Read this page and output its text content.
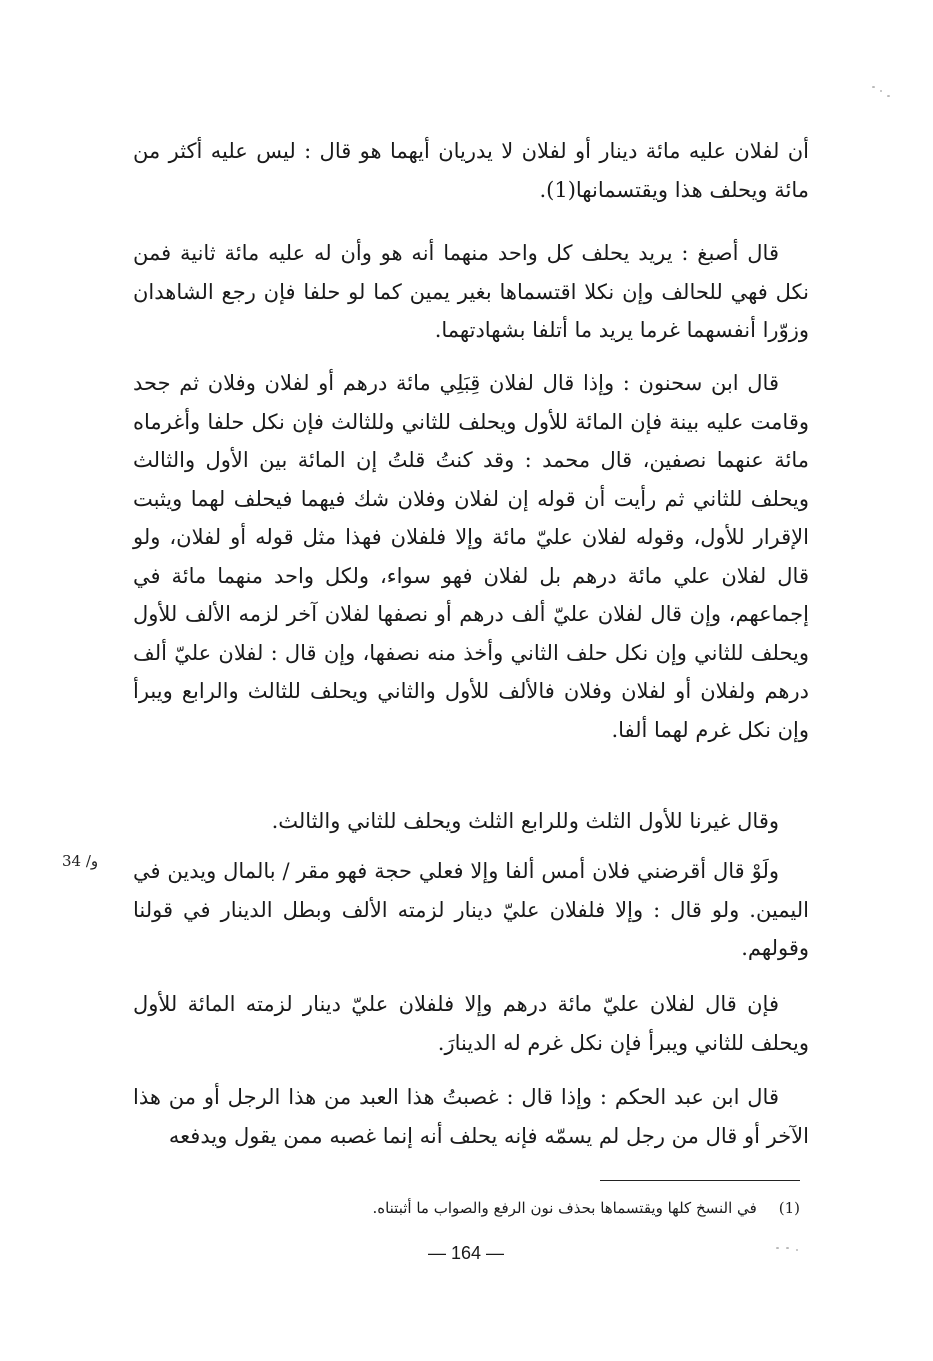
أن لفلان عليه مائة دينار أو لفلان لا يدريان أيهما هو قال : ليس عليه أكثر من مائة ويحلف هذا ويقتسمانها(1).

قال أصبغ : يريد يحلف كل واحد منهما أنه هو وأن له عليه مائة ثانية فمن نكل فهي للحالف وإن نكلا اقتسماها بغير يمين كما لو حلفا فإن رجع الشاهدان وزوّرا أنفسهما غرما يريد ما أتلفا بشهادتهما.

قال ابن سحنون : وإذا قال لفلان قِبَلِي مائة درهم أو لفلان وفلان ثم جحد وقامت عليه بينة فإن المائة للأول ويحلف للثاني وللثالث فإن نكل حلفا وأغرماه مائة عنهما نصفين، قال محمد : وقد كنتُ قلتُ إن المائة بين الأول والثالث ويحلف للثاني ثم رأيت أن قوله إن لفلان وفلان شك فيهما فيحلف لهما ويثبت الإقرار للأول، وقوله لفلان عليّ مائة وإلا فلفلان فهذا مثل قوله أو لفلان، ولو قال لفلان علي مائة درهم بل لفلان فهو سواء، ولكل واحد منهما مائة في إجماعهم، وإن قال لفلان عليّ ألف درهم أو نصفها لفلان آخر لزمه الألف للأول ويحلف للثاني وإن نكل حلف الثاني وأخذ منه نصفها، وإن قال : لفلان عليّ ألف درهم ولفلان أو لفلان وفلان فالألف للأول والثاني ويحلف للثالث والرابع ويبرأ وإن نكل غرم لهما ألفا.

وقال غيرنا للأول الثلث وللرابع الثلث ويحلف للثاني والثالث.

ولَوْ قال أقرضني فلان أمس ألفا وإلا فعلي حجة فهو مقر / بالمال ويدين في اليمين. ولو قال : وإلا فلفلان عليّ دينار لزمته الألف وبطل الدينار في قولنا وقولهم.

فإن قال لفلان عليّ مائة درهم وإلا فلفلان عليّ دينار لزمته المائة للأول ويحلف للثاني ويبرأ فإن نكل غرم له الدينارَ.

قال ابن عبد الحكم : وإذا قال : غصبتُ هذا العبد من هذا الرجل أو من هذا الآخر أو قال من رجل لم يسمّه فإنه يحلف أنه إنما غصبه ممن يقول ويدفعه

34 /و
(1)في النسخ كلها ويقتسماها بحذف نون الرفع والصواب ما أثبتناه.
— 164 —
